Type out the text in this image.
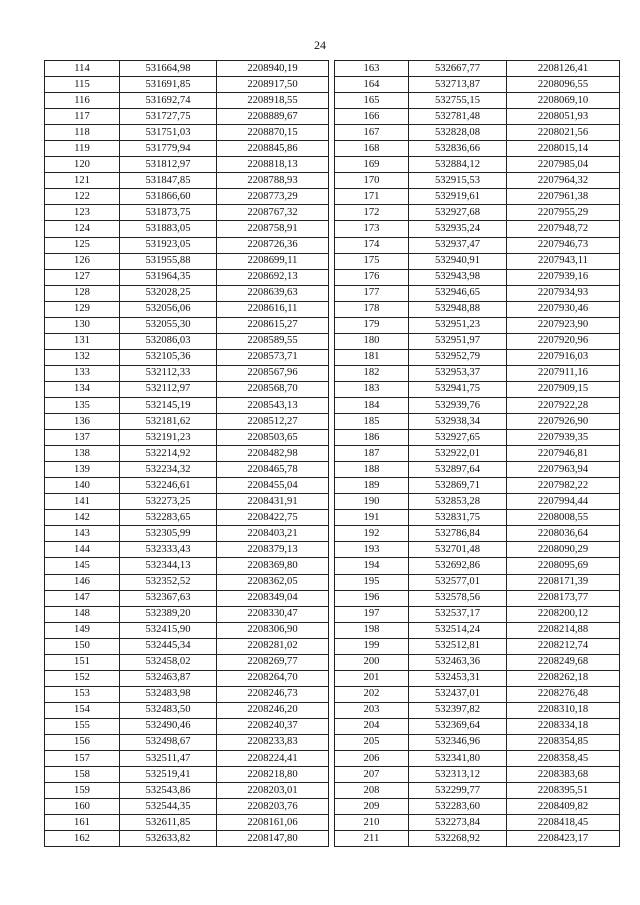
24
114	531664,98	2208940,19
115	531691,85	2208917,50
116	531692,74	2208918,55
117	531727,75	2208889,67
118	531751,03	2208870,15
119	531779,94	2208845,86
120	531812,97	2208818,13
121	531847,85	2208788,93
122	531866,60	2208773,29
123	531873,75	2208767,32
124	531883,05	2208758,91
125	531923,05	2208726,36
126	531955,88	2208699,11
127	531964,35	2208692,13
128	532028,25	2208639,63
129	532056,06	2208616,11
130	532055,30	2208615,27
131	532086,03	2208589,55
132	532105,36	2208573,71
133	532112,33	2208567,96
134	532112,97	2208568,70
135	532145,19	2208543,13
136	532181,62	2208512,27
137	532191,23	2208503,65
138	532214,92	2208482,98
139	532234,32	2208465,78
140	532246,61	2208455,04
141	532273,25	2208431,91
142	532283,65	2208422,75
143	532305,99	2208403,21
144	532333,43	2208379,13
145	532344,13	2208369,80
146	532352,52	2208362,05
147	532367,63	2208349,04
148	532389,20	2208330,47
149	532415,90	2208306,90
150	532445,34	2208281,02
151	532458,02	2208269,77
152	532463,87	2208264,70
153	532483,98	2208246,73
154	532483,50	2208246,20
155	532490,46	2208240,37
156	532498,67	2208233,83
157	532511,47	2208224,41
158	532519,41	2208218,80
159	532543,86	2208203,01
160	532544,35	2208203,76
161	532611,85	2208161,06
162	532633,82	2208147,80
163	532667,77	2208126,41
164	532713,87	2208096,55
165	532755,15	2208069,10
166	532781,48	2208051,93
167	532828,08	2208021,56
168	532836,66	2208015,14
169	532884,12	2207985,04
170	532915,53	2207964,32
171	532919,61	2207961,38
172	532927,68	2207955,29
173	532935,24	2207948,72
174	532937,47	2207946,73
175	532940,91	2207943,11
176	532943,98	2207939,16
177	532946,65	2207934,93
178	532948,88	2207930,46
179	532951,23	2207923,90
180	532951,97	2207920,96
181	532952,79	2207916,03
182	532953,37	2207911,16
183	532941,75	2207909,15
184	532939,76	2207922,28
185	532938,34	2207926,90
186	532927,65	2207939,35
187	532922,01	2207946,81
188	532897,64	2207963,94
189	532869,71	2207982,22
190	532853,28	2207994,44
191	532831,75	2208008,55
192	532786,84	2208036,64
193	532701,48	2208090,29
194	532692,86	2208095,69
195	532577,01	2208171,39
196	532578,56	2208173,77
197	532537,17	2208200,12
198	532514,24	2208214,88
199	532512,81	2208212,74
200	532463,36	2208249,68
201	532453,31	2208262,18
202	532437,01	2208276,48
203	532397,82	2208310,18
204	532369,64	2208334,18
205	532346,96	2208354,85
206	532341,80	2208358,45
207	532313,12	2208383,68
208	532299,77	2208395,51
209	532283,60	2208409,82
210	532273,84	2208418,45
211	532268,92	2208423,17
